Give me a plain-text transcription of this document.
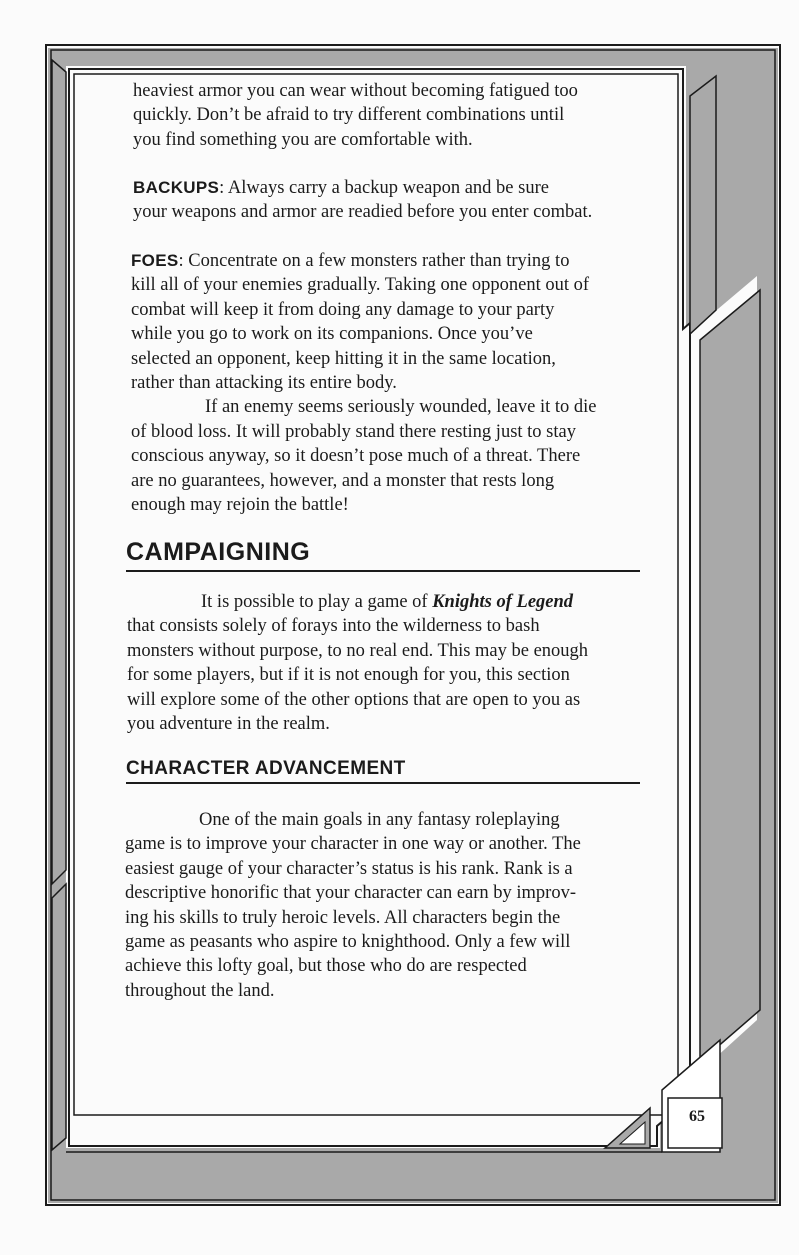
heaviest armor you can wear without becoming fatigued too

quickly. Don’t be afraid to try different combinations until

you find something you are comfortable with.

BACKUPS: Always carry a backup weapon and be sure

your weapons and armor are readied before you enter combat.

FOES: Concentrate on a few monsters rather than trying to

kill all of your enemies gradually. Taking one opponent out of

combat will keep it from doing any damage to your party

while you go to work on its companions. Once you’ve

selected an opponent, keep hitting it in the same location,

rather than attacking its entire body.

If an enemy seems seriously wounded, leave it to die

of blood loss. It will probably stand there resting just to stay

conscious anyway, so it doesn’t pose much of a threat. There

are no guarantees, however, and a monster that rests long

enough may rejoin the battle!

CAMPAIGNING

It is possible to play a game of Knights of Legend

that consists solely of forays into the wilderness to bash

monsters without purpose, to no real end. This may be enough

for some players, but if it is not enough for you, this section

will explore some of the other options that are open to you as

you adventure in the realm.

CHARACTER ADVANCEMENT

One of the main goals in any fantasy roleplaying

game is to improve your character in one way or another. The

easiest gauge of your character’s status is his rank. Rank is a

descriptive honorific that your character can earn by improv-

ing his skills to truly heroic levels. All characters begin the

game as peasants who aspire to knighthood. Only a few will

achieve this lofty goal, but those who do are respected

throughout the land.

65
